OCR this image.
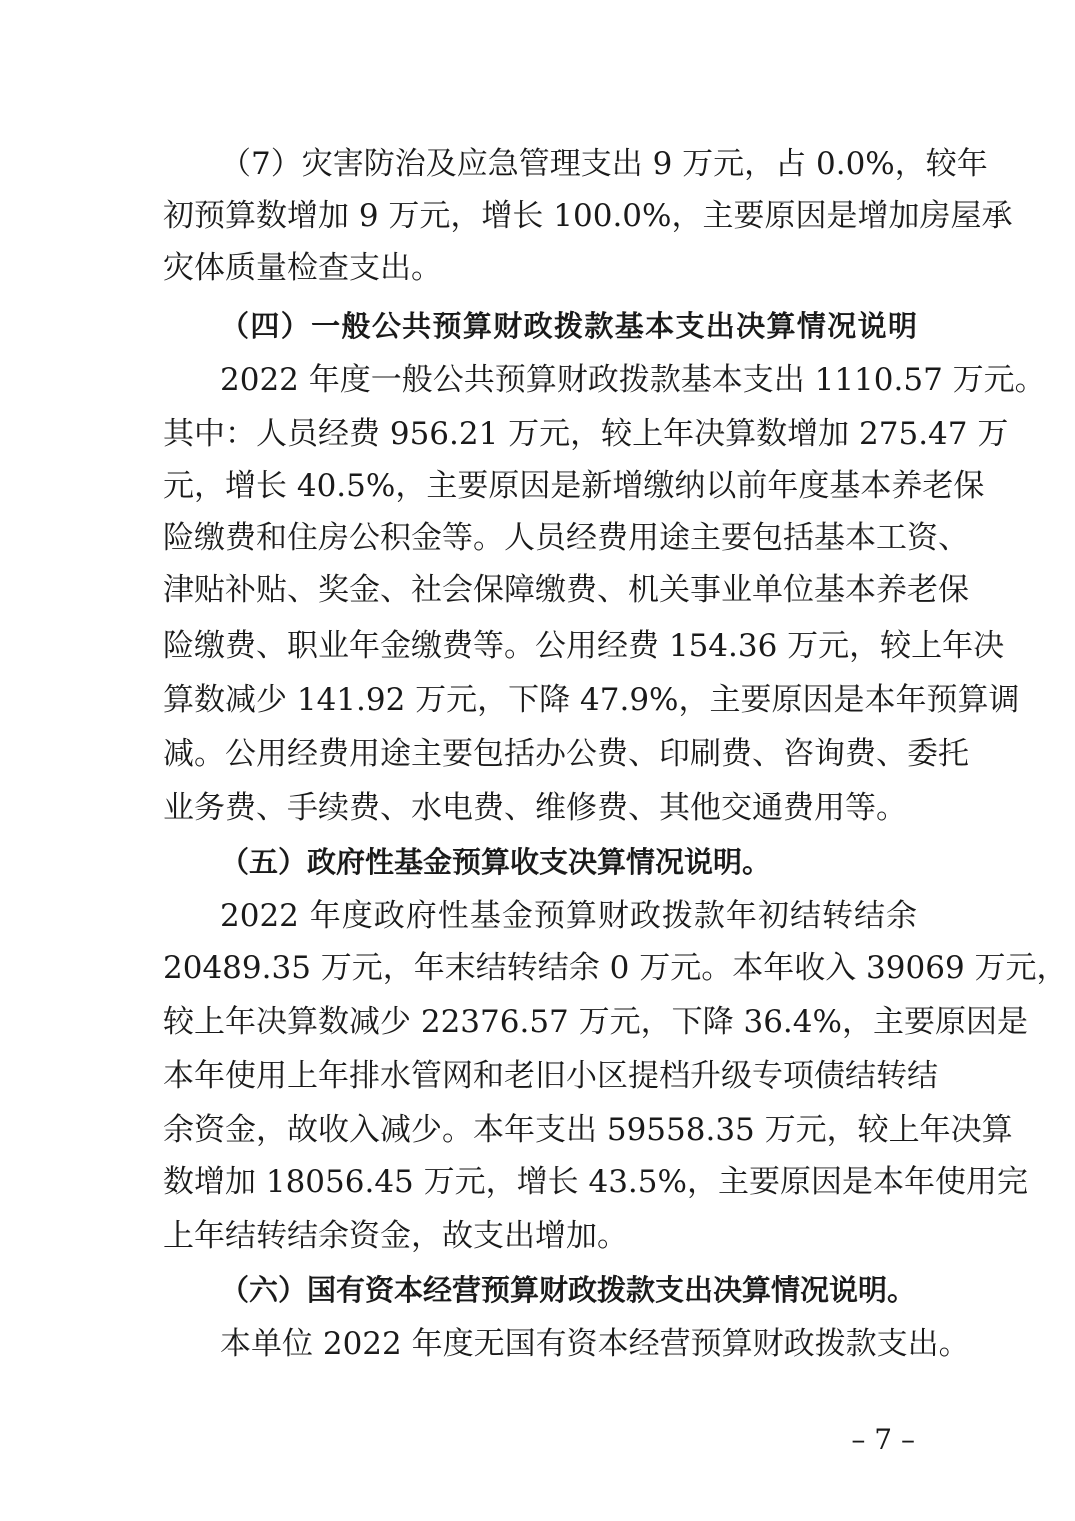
（7）灾害防治及应急管理支出 9 万元，占 0.0%，较年
初预算数增加 9 万元，增长 100.0%，主要原因是增加房屋承
灾体质量检查支出。
（四）一般公共预算财政拨款基本支出决算情况说明
2022 年度一般公共预算财政拨款基本支出 1110.57 万元。
其中：人员经费 956.21 万元，较上年决算数增加 275.47 万
元，增长 40.5%，主要原因是新增缴纳以前年度基本养老保
险缴费和住房公积金等。人员经费用途主要包括基本工资、
津贴补贴、奖金、社会保障缴费、机关事业单位基本养老保
险缴费、职业年金缴费等。公用经费 154.36 万元，较上年决
算数减少 141.92 万元，下降 47.9%，主要原因是本年预算调
减。公用经费用途主要包括办公费、印刷费、咨询费、委托
业务费、手续费、水电费、维修费、其他交通费用等。
（五）政府性基金预算收支决算情况说明。
2022 年度政府性基金预算财政拨款年初结转结余
20489.35 万元，年末结转结余 0 万元。本年收入 39069 万元，
较上年决算数减少 22376.57 万元，下降 36.4%，主要原因是
本年使用上年排水管网和老旧小区提档升级专项债结转结
余资金，故收入减少。本年支出 59558.35 万元，较上年决算
数增加 18056.45 万元，增长 43.5%，主要原因是本年使用完
上年结转结余资金，故支出增加。
（六）国有资本经营预算财政拨款支出决算情况说明。
本单位 2022 年度无国有资本经营预算财政拨款支出。
– 7 –
